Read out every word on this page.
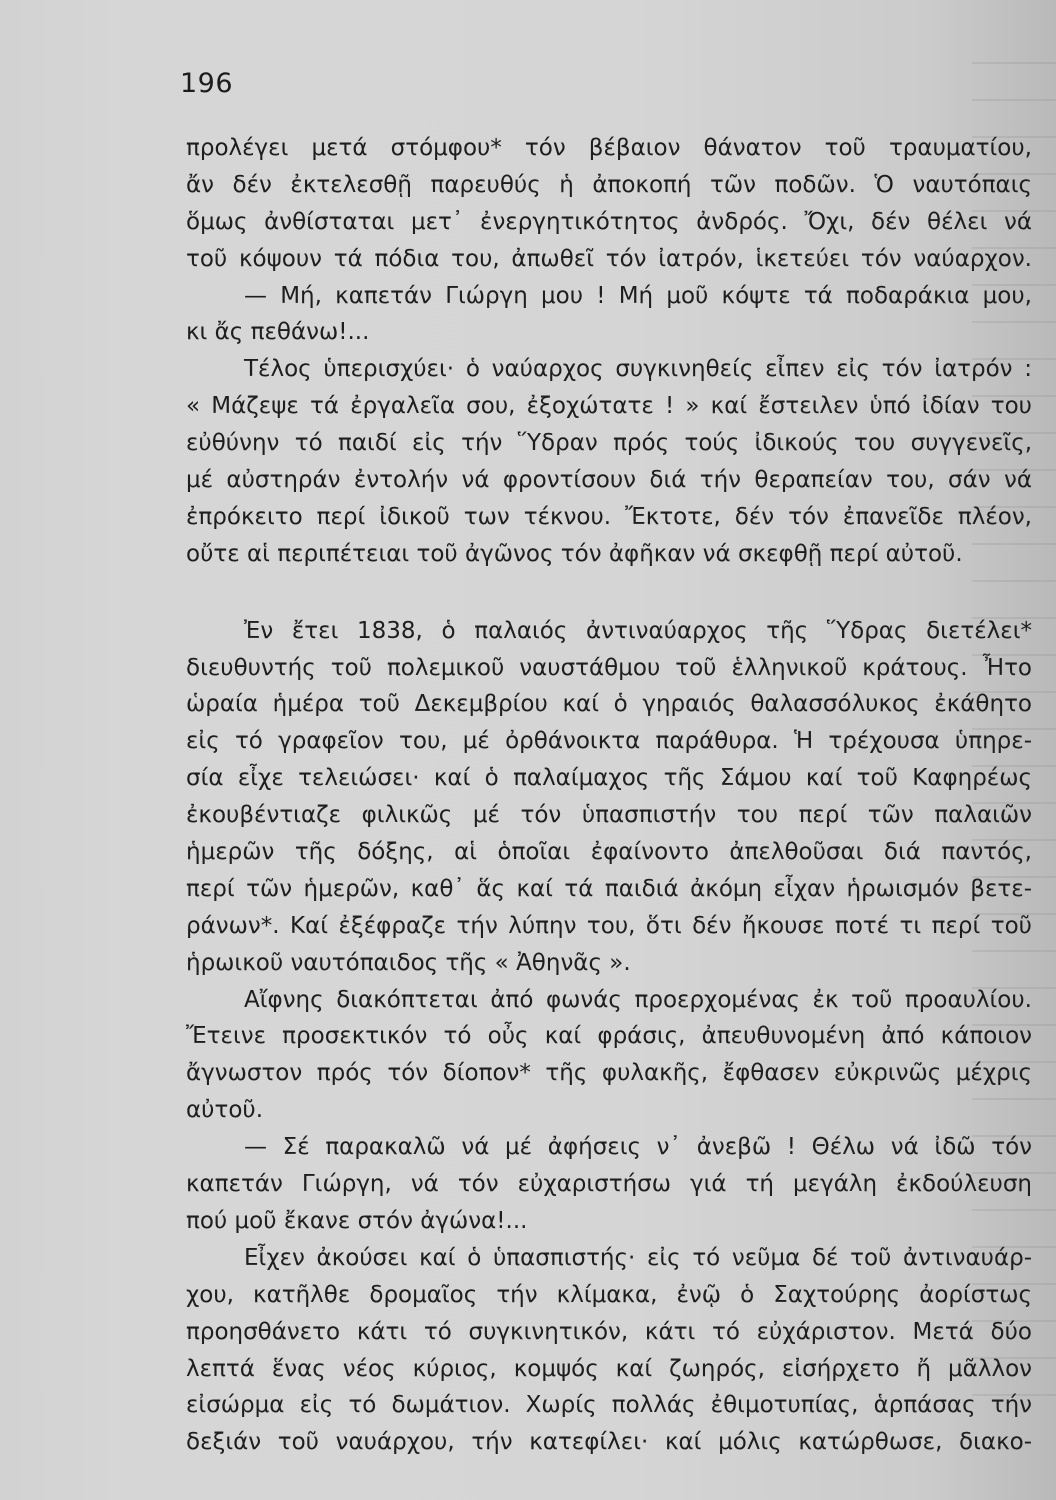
196
προλέγει μετά στόμφου* τόν βέβαιον θάνατον τοῦ τραυματίου,
ἄν δέν ἐκτελεσθῇ παρευθύς ἡ ἀποκοπή τῶν ποδῶν. Ὁ ναυτόπαις
ὅμως ἀνθίσταται μετ᾿ ἐνεργητικότητος ἀνδρός. Ὄχι, δέν θέλει νά
τοῦ κόψουν τά πόδια του, ἀπωθεῖ τόν ἰατρόν, ἱκετεύει τόν ναύαρχον.
— Μή, καπετάν Γιώργη μου ! Μή μοῦ κόψτε τά ποδαράκια μου,
κι ἄς πεθάνω!...
Τέλος ὑπερισχύει· ὁ ναύαρχος συγκινηθείς εἶπεν εἰς τόν ἰατρόν :
« Μάζεψε τά ἐργαλεῖα σου, ἐξοχώτατε ! » καί ἔστειλεν ὑπό ἰδίαν του
εὐθύνην τό παιδί εἰς τήν Ὕδραν πρός τούς ἰδικούς του συγγενεῖς,
μέ αὐστηράν ἐντολήν νά φροντίσουν διά τήν θεραπείαν του, σάν νά
ἐπρόκειτο περί ἰδικοῦ των τέκνου. Ἔκτοτε, δέν τόν ἐπανεῖδε πλέον,
οὔτε αἱ περιπέτειαι τοῦ ἀγῶνος τόν ἀφῆκαν νά σκεφθῇ περί αὐτοῦ.
Ἐν ἔτει 1838, ὁ παλαιός ἀντιναύαρχος τῆς Ὕδρας διετέλει*
διευθυντής τοῦ πολεμικοῦ ναυστάθμου τοῦ ἑλληνικοῦ κράτους. Ἦτο
ὡραία ἡμέρα τοῦ Δεκεμβρίου καί ὁ γηραιός θαλασσόλυκος ἐκάθητο
εἰς τό γραφεῖον του, μέ ὀρθάνοικτα παράθυρα. Ἡ τρέχουσα ὑπηρε-
σία εἶχε τελειώσει· καί ὁ παλαίμαχος τῆς Σάμου καί τοῦ Καφηρέως
ἐκουβέντιαζε φιλικῶς μέ τόν ὑπασπιστήν του περί τῶν παλαιῶν
ἡμερῶν τῆς δόξης, αἱ ὁποῖαι ἐφαίνοντο ἀπελθοῦσαι διά παντός,
περί τῶν ἡμερῶν, καθ᾿ ἅς καί τά παιδιά ἀκόμη εἶχαν ἡρωισμόν βετε-
ράνων*. Καί ἐξέφραζε τήν λύπην του, ὅτι δέν ἤκουσε ποτέ τι περί τοῦ
ἡρωικοῦ ναυτόπαιδος τῆς « Ἀθηνᾶς ».
Αἴφνης διακόπτεται ἀπό φωνάς προερχομένας ἐκ τοῦ προαυλίου.
Ἔτεινε προσεκτικόν τό οὖς καί φράσις, ἀπευθυνομένη ἀπό κάποιον
ἄγνωστον πρός τόν δίοπον* τῆς φυλακῆς, ἔφθασεν εὐκρινῶς μέχρις
αὐτοῦ.
— Σέ παρακαλῶ νά μέ ἀφήσεις ν᾿ ἀνεβῶ ! Θέλω νά ἰδῶ τόν
καπετάν Γιώργη, νά τόν εὐχαριστήσω γιά τή μεγάλη ἐκδούλευση
πού μοῦ ἔκανε στόν ἀγώνα!...
Εἶχεν ἀκούσει καί ὁ ὑπασπιστής· εἰς τό νεῦμα δέ τοῦ ἀντιναυάρ-
χου, κατῆλθε δρομαῖος τήν κλίμακα, ἐνῷ ὁ Σαχτούρης ἀορίστως
προησθάνετο κάτι τό συγκινητικόν, κάτι τό εὐχάριστον. Μετά δύο
λεπτά ἕνας νέος κύριος, κομψός καί ζωηρός, εἰσήρχετο ἤ μᾶλλον
εἰσώρμα εἰς τό δωμάτιον. Χωρίς πολλάς ἐθιμοτυπίας, ἁρπάσας τήν
δεξιάν τοῦ ναυάρχου, τήν κατεφίλει· καί μόλις κατώρθωσε, διακο-
